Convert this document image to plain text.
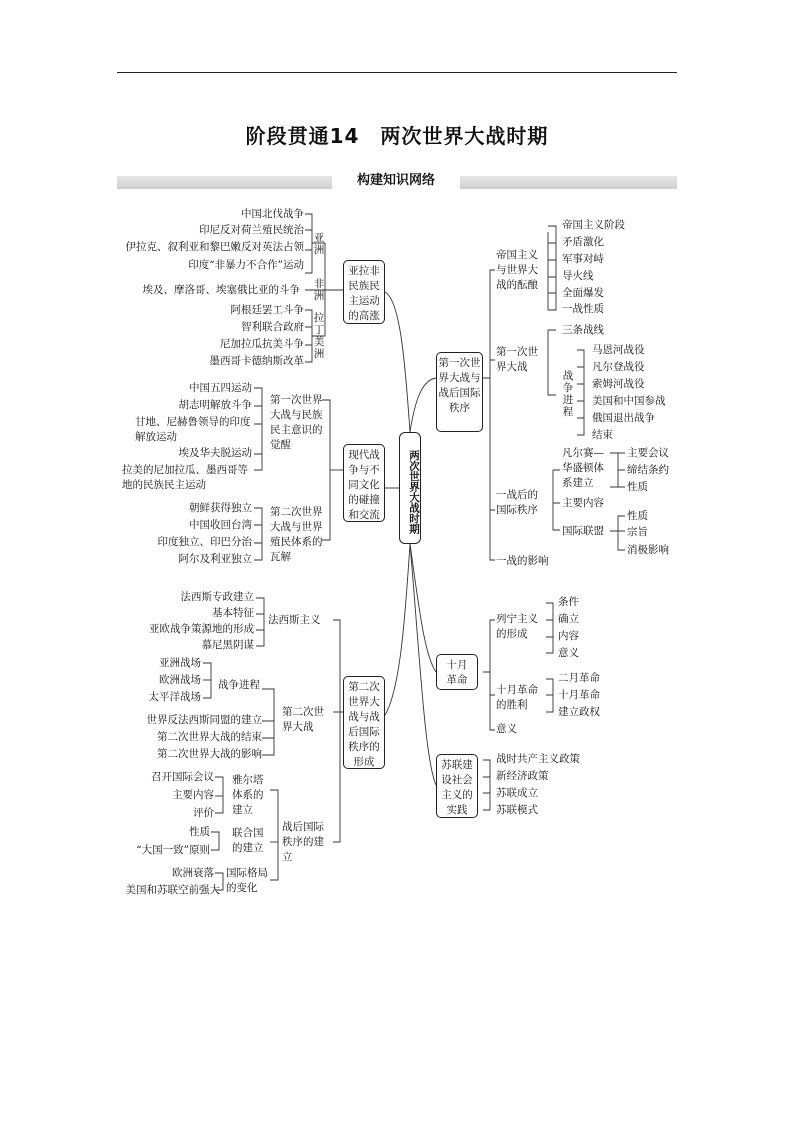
阶段贯通14　两次世界大战时期
构建知识网络
亚拉非民族民主运动的高涨
亚洲
非洲
拉丁美洲
中国北伐战争
印尼反对荷兰殖民统治
伊拉克、叙利亚和黎巴嫩反对英法占领
印度“非暴力不合作”运动
埃及、摩洛哥、埃塞俄比亚的斗争
阿根廷罢工斗争
智利联合政府
尼加拉瓜抗美斗争
墨西哥卡德纳斯改革
现代战争与不同文化的碰撞和交流
第一次世界大战与民族民主意识的觉醒
第二次世界大战与世界殖民体系的瓦解
中国五四运动
胡志明解放斗争
甘地、尼赫鲁领导的印度解放运动
埃及华夫脱运动
拉美的尼加拉瓜、墨西哥等地的民族民主运动
朝鲜获得独立
中国收回台湾
印度独立、印巴分治
阿尔及利亚独立
第二次世界大战与战后国际秩序的形成
法西斯主义
法西斯专政建立
基本特征
亚欧战争策源地的形成
慕尼黑阴谋
第二次世界大战
战争进程
亚洲战场
欧洲战场
太平洋战场
世界反法西斯同盟的建立
第二次世界大战的结束
第二次世界大战的影响
战后国际秩序的建立
雅尔塔体系的建立
召开国际会议
主要内容
评价
联合国的建立
性质
“大国一致”原则
国际格局的变化
欧洲衰落
美国和苏联空前强大
两次世界大战时期
第一次世界大战与战后国际秩序
帝国主义与世界大战的酝酿
帝国主义阶段
矛盾激化
军事对峙
导火线
全面爆发
一战性质
第一次世界大战
三条战线
战争进程
马恩河战役
凡尔登战役
索姆河战役
美国和中国参战
俄国退出战争
结束
一战后的国际秩序
凡尔赛—华盛顿体系建立
主要会议
缔结条约
性质
主要内容
国际联盟
性质
宗旨
消极影响
一战的影响
十月革命
列宁主义的形成
条件
确立
内容
意义
十月革命的胜利
二月革命
十月革命
建立政权
意义
苏联建设社会主义的实践
战时共产主义政策
新经济政策
苏联成立
苏联模式
